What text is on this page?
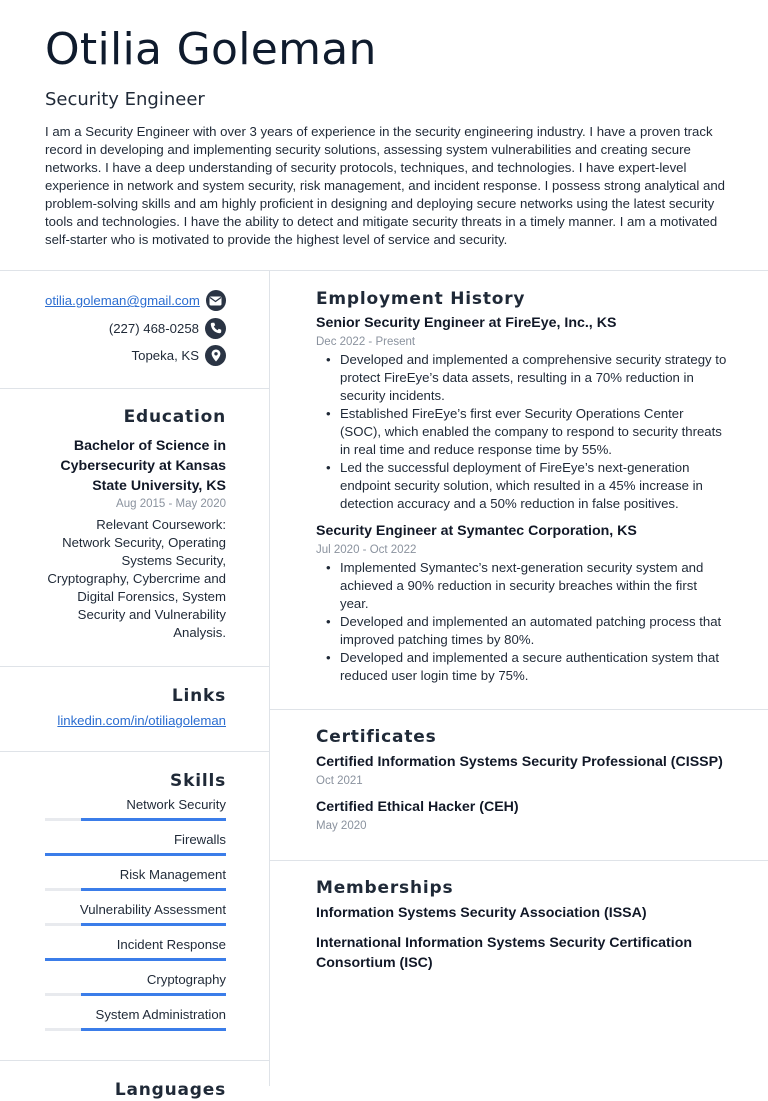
Otilia Goleman
Security Engineer
I am a Security Engineer with over 3 years of experience in the security engineering industry. I have a proven track record in developing and implementing security solutions, assessing system vulnerabilities and creating secure networks. I have a deep understanding of security protocols, techniques, and technologies. I have expert-level experience in network and system security, risk management, and incident response. I possess strong analytical and problem-solving skills and am highly proficient in designing and deploying secure networks using the latest security tools and technologies. I have the ability to detect and mitigate security threats in a timely manner. I am a motivated self-starter who is motivated to provide the highest level of service and security.
otilia.goleman@gmail.com
(227) 468-0258
Topeka, KS
Education
Bachelor of Science in Cybersecurity at Kansas State University, KS
Aug 2015 - May 2020
Relevant Coursework: Network Security, Operating Systems Security, Cryptography, Cybercrime and Digital Forensics, System Security and Vulnerability Analysis.
Links
linkedin.com/in/otiliagoleman
Skills
Network Security
Firewalls
Risk Management
Vulnerability Assessment
Incident Response
Cryptography
System Administration
Languages
Employment History
Senior Security Engineer at FireEye, Inc., KS
Dec 2022 - Present
• Developed and implemented a comprehensive security strategy to protect FireEye’s data assets, resulting in a 70% reduction in security incidents.
• Established FireEye’s first ever Security Operations Center (SOC), which enabled the company to respond to security threats in real time and reduce response time by 55%.
• Led the successful deployment of FireEye’s next-generation endpoint security solution, which resulted in a 45% increase in detection accuracy and a 50% reduction in false positives.
Security Engineer at Symantec Corporation, KS
Jul 2020 - Oct 2022
• Implemented Symantec’s next-generation security system and achieved a 90% reduction in security breaches within the first year.
• Developed and implemented an automated patching process that improved patching times by 80%.
• Developed and implemented a secure authentication system that reduced user login time by 75%.
Certificates
Certified Information Systems Security Professional (CISSP)
Oct 2021
Certified Ethical Hacker (CEH)
May 2020
Memberships
Information Systems Security Association (ISSA)
International Information Systems Security Certification Consortium (ISC)
